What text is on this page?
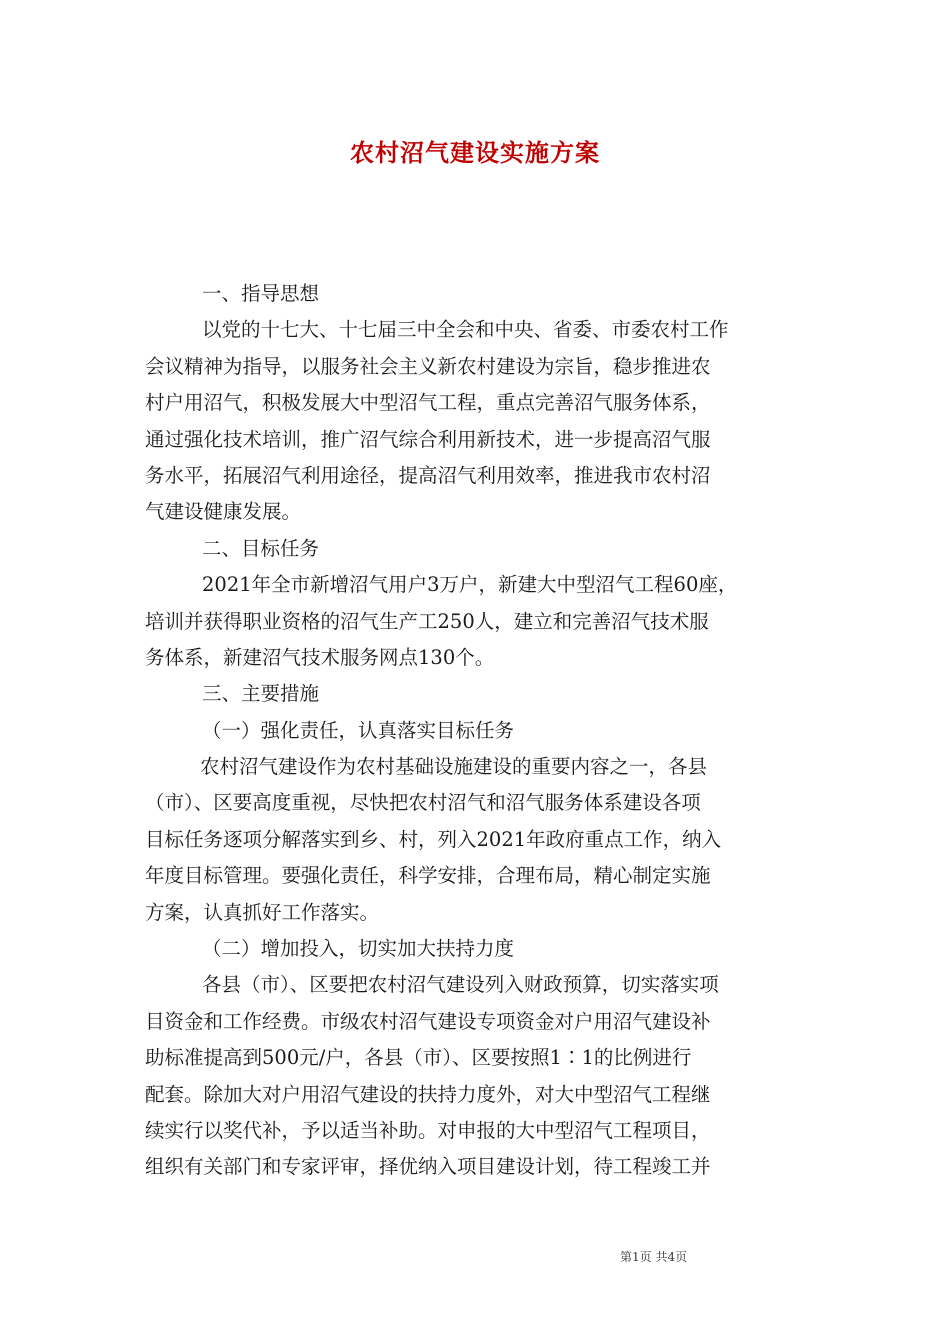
农村沼气建设实施方案
一、指导思想
以党的十七大、十七届三中全会和中央、省委、市委农村工作
会议精神为指导，以服务社会主义新农村建设为宗旨，稳步推进农
村户用沼气，积极发展大中型沼气工程，重点完善沼气服务体系，
通过强化技术培训，推广沼气综合利用新技术，进一步提高沼气服
务水平，拓展沼气利用途径，提高沼气利用效率，推进我市农村沼
气建设健康发展。
二、目标任务
2021年全市新增沼气用户3万户，新建大中型沼气工程60座，
培训并获得职业资格的沼气生产工250人，建立和完善沼气技术服
务体系，新建沼气技术服务网点130个。
三、主要措施
（一）强化责任，认真落实目标任务
农村沼气建设作为农村基础设施建设的重要内容之一，各县
（市）、区要高度重视，尽快把农村沼气和沼气服务体系建设各项
目标任务逐项分解落实到乡、村，列入2021年政府重点工作，纳入
年度目标管理。要强化责任，科学安排，合理布局，精心制定实施
方案，认真抓好工作落实。
（二）增加投入，切实加大扶持力度
各县（市）、区要把农村沼气建设列入财政预算，切实落实项
目资金和工作经费。市级农村沼气建设专项资金对户用沼气建设补
助标准提高到500元/户，各县（市）、区要按照1∶1的比例进行
配套。除加大对户用沼气建设的扶持力度外，对大中型沼气工程继
续实行以奖代补，予以适当补助。对申报的大中型沼气工程项目，
组织有关部门和专家评审，择优纳入项目建设计划，待工程竣工并
第1页 共4页
